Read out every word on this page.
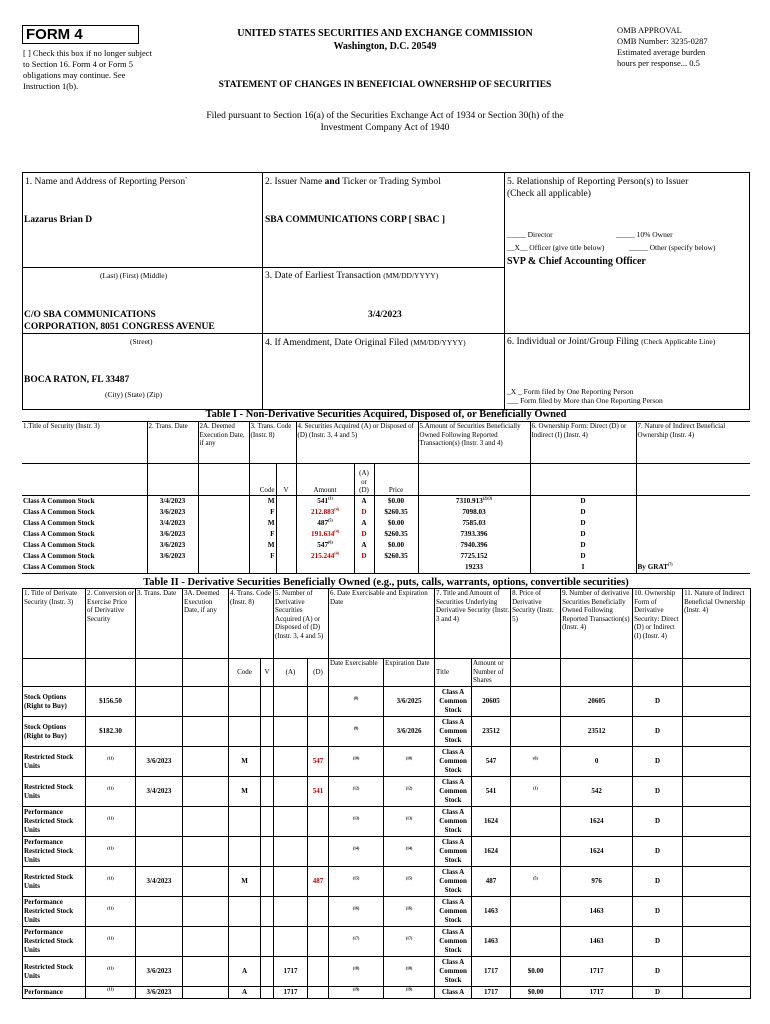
FORM 4
[ ] Check this box if no longer subject to Section 16. Form 4 or Form 5 obligations may continue. See Instruction 1(b).
UNITED STATES SECURITIES AND EXCHANGE COMMISSION
Washington, D.C. 20549
OMB APPROVAL
OMB Number: 3235-0287
Estimated average burden
hours per response... 0.5
STATEMENT OF CHANGES IN BENEFICIAL OWNERSHIP OF SECURITIES
Filed pursuant to Section 16(a) of the Securities Exchange Act of 1934 or Section 30(h) of the
Investment Company Act of 1940
1. Name and Address of Reporting Person*
Lazarus Brian D
(Last) (First) (Middle)
C/O SBA COMMUNICATIONS
CORPORATION, 8051 CONGRESS AVENUE
(Street)
BOCA RATON, FL 33487
(City) (State) (Zip)
2. Issuer Name and Ticker or Trading Symbol
SBA COMMUNICATIONS CORP [ SBAC ]
3. Date of Earliest Transaction (MM/DD/YYYY)
3/4/2023
4. If Amendment, Date Original Filed (MM/DD/YYYY)
5. Relationship of Reporting Person(s) to Issuer
(Check all applicable)
_____ Director	_____ 10% Owner
__X__ Officer (give title below)	_____ Other (specify below)
SVP & Chief Accounting Officer
6. Individual or Joint/Group Filing (Check Applicable Line)
_X _ Form filed by One Reporting Person
___ Form filed by More than One Reporting Person
Table I - Non-Derivative Securities Acquired, Disposed of, or Beneficially Owned
1.Title of Security (Instr. 3)	2. Trans. Date	2A. Deemed Execution Date, if any	3. Trans. Code (Instr. 8)		4. Securities Acquired (A) or Disposed of (D) (Instr. 3, 4 and 5)			5.Amount of Securities Beneficially Owned Following Reported Transaction(s) (Instr. 3 and 4)	6. Ownership Form: Direct (D) or Indirect (I) (Instr. 4)	7. Nature of Indirect Beneficial Ownership (Instr. 4)

			Code	V	Amount	(A) or (D)	Price			
Class A Common Stock	3/4/2023		M		541$^{(1)}$	A	$0.00	$7310.913^{(2)(3)}$	D	
Class A Common Stock	3/6/2023		F		212.883$^{(4)}$	D	$260.35	7098.03	D	
Class A Common Stock	3/4/2023		M		487$^{(5)}$	A	$0.00	7585.03	D	
Class A Common Stock	3/6/2023		F		191.634$^{(4)}$	D	$260.35	7393.396	D	
Class A Common Stock	3/6/2023		M		547$^{(6)}$	A	$0.00	7940.396	D	
Class A Common Stock	3/6/2023		F		215.244$^{(4)}$	D	$260.35	7725.152	D	
Class A Common Stock								19233	I	By GRAT$^{(7)}$
Table II - Derivative Securities Beneficially Owned (e.g., puts, calls, warrants, options, convertible securities)
1. Title of Derivate Security (Instr. 3)	2. Conversion or Exercise Price of Derivative Security	3. Trans. Date	3A. Deemed Execution Date, if any	4. Trans. Code (Instr. 8)		5. Number of Derivative Securities Acquired (A) or Disposed of (D) (Instr. 3, 4 and 5)		6. Date Exercisable and Expiration Date		7. Title and Amount of Securities Underlying Derivative Security (Instr. 3 and 4)		8. Price of Derivative Security (Instr. 5)	9. Number of derivative Securities Beneficially Owned Following Reported Transaction(s) (Instr. 4)	10. Ownership Form of Derivative Security: Direct (D) or Indirect (I) (Instr. 4)	11. Nature of Indirect Beneficial Ownership (Instr. 4)

				Code	V	(A)	(D)	Date Exercisable	Expiration Date	Title	Amount or Number of Shares				
Stock Options (Right to Buy)	$156.50							$^{(8)}$	3/6/2025	Class A Common Stock	20605		20605	D	
Stock Options (Right to Buy)	$182.30							$^{(9)}$	3/6/2026	Class A Common Stock	23512		23512	D	
Restricted Stock Units	$^{(11)}$	3/6/2023		M			547	$^{(10)}$	$^{(10)}$	Class A Common Stock	547	$^{(6)}$	0	D	
Restricted Stock Units	$^{(11)}$	3/4/2023		M			541	$^{(12)}$	$^{(12)}$	Class A Common Stock	541	$^{(1)}$	542	D	
Performance Restricted Stock Units	$^{(11)}$							$^{(13)}$	$^{(13)}$	Class A Common Stock	1624		1624	D	
Performance Restricted Stock Units	$^{(11)}$							$^{(14)}$	$^{(14)}$	Class A Common Stock	1624		1624	D	
Restricted Stock Units	$^{(11)}$	3/4/2023		M			487	$^{(15)}$	$^{(15)}$	Class A Common Stock	487	$^{(5)}$	976	D	
Performance Restricted Stock Units	$^{(11)}$							$^{(16)}$	$^{(16)}$	Class A Common Stock	1463		1463	D	
Performance Restricted Stock Units	$^{(11)}$							$^{(17)}$	$^{(17)}$	Class A Common Stock	1463		1463	D	
Restricted Stock Units	$^{(11)}$	3/6/2023		A		1717		$^{(18)}$	$^{(18)}$	Class A Common Stock	1717	$0.00	1717	D	
Performance	$^{(11)}$	3/6/2023		A		1717		$^{(19)}$	$^{(19)}$	Class A	1717	$0.00	1717	D	
